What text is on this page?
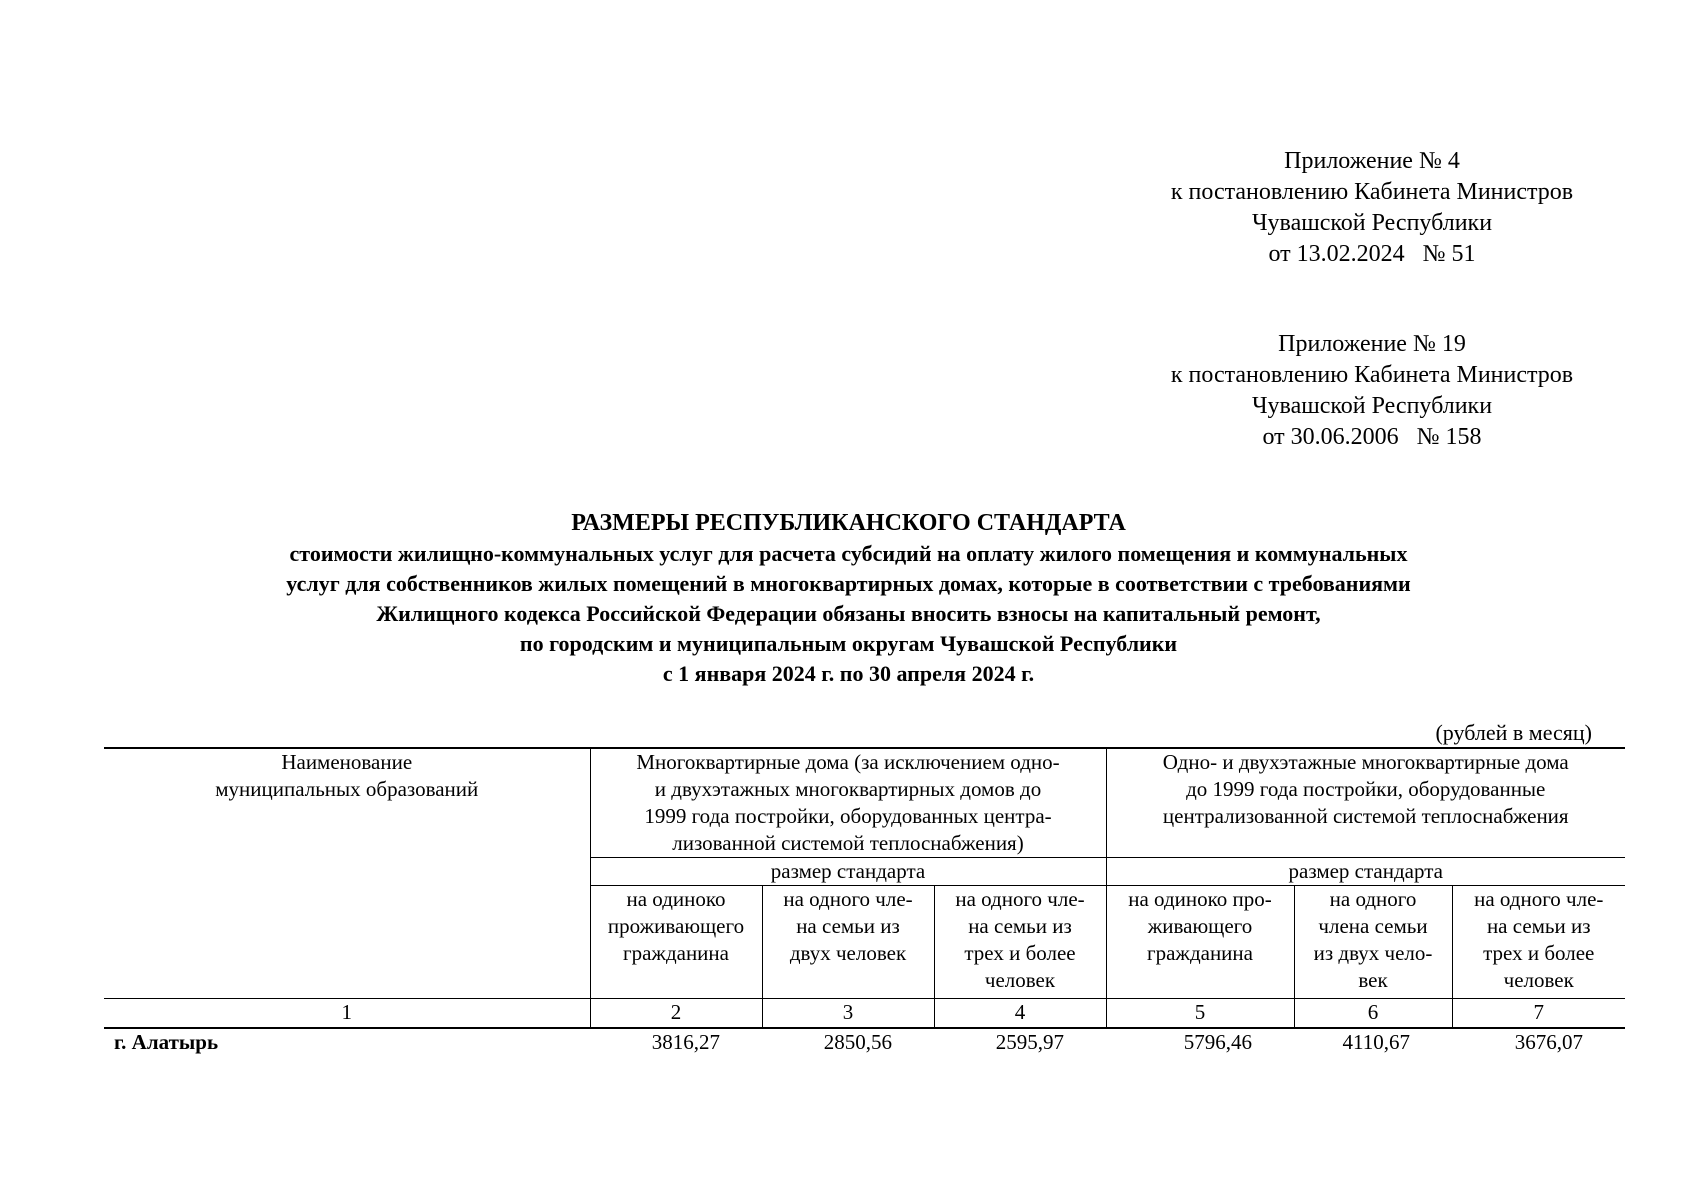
Приложение № 4
к постановлению Кабинета Министров
Чувашской Республики
от 13.02.2024   № 51
Приложение № 19
к постановлению Кабинета Министров
Чувашской Республики
от 30.06.2006   № 158
РАЗМЕРЫ РЕСПУБЛИКАНСКОГО СТАНДАРТА
стоимости жилищно-коммунальных услуг для расчета субсидий на оплату жилого помещения и коммунальных
услуг для собственников жилых помещений в многоквартирных домах, которые в соответствии с требованиями
Жилищного кодекса Российской Федерации обязаны вносить взносы на капитальный ремонт,
по городским и муниципальным округам Чувашской Республики
с 1 января 2024 г. по 30 апреля 2024 г.
(рублей в месяц)
Наименование
муниципальных образований	Многоквартирные дома (за исключением одно-
и двухэтажных многоквартирных домов до
1999 года постройки, оборудованных центра-
лизованной системой теплоснабжения)			Одно- и двухэтажные многоквартирные дома
до 1999 года постройки, оборудованные
централизованной системой теплоснабжения		

	размер стандарта			размер стандарта		

	на одиноко
проживающего
гражданина	на одного чле-
на семьи из
двух человек	на одного чле-
на семьи из
трех и более
человек	на одиноко про-
живающего
гражданина	на одного
члена семьи
из двух чело-
век	на одного чле-
на семьи из
трех и более
человек

1	2	3	4	5	6	7
г. Алатырь	3816,27	2850,56	2595,97	5796,46	4110,67	3676,07
